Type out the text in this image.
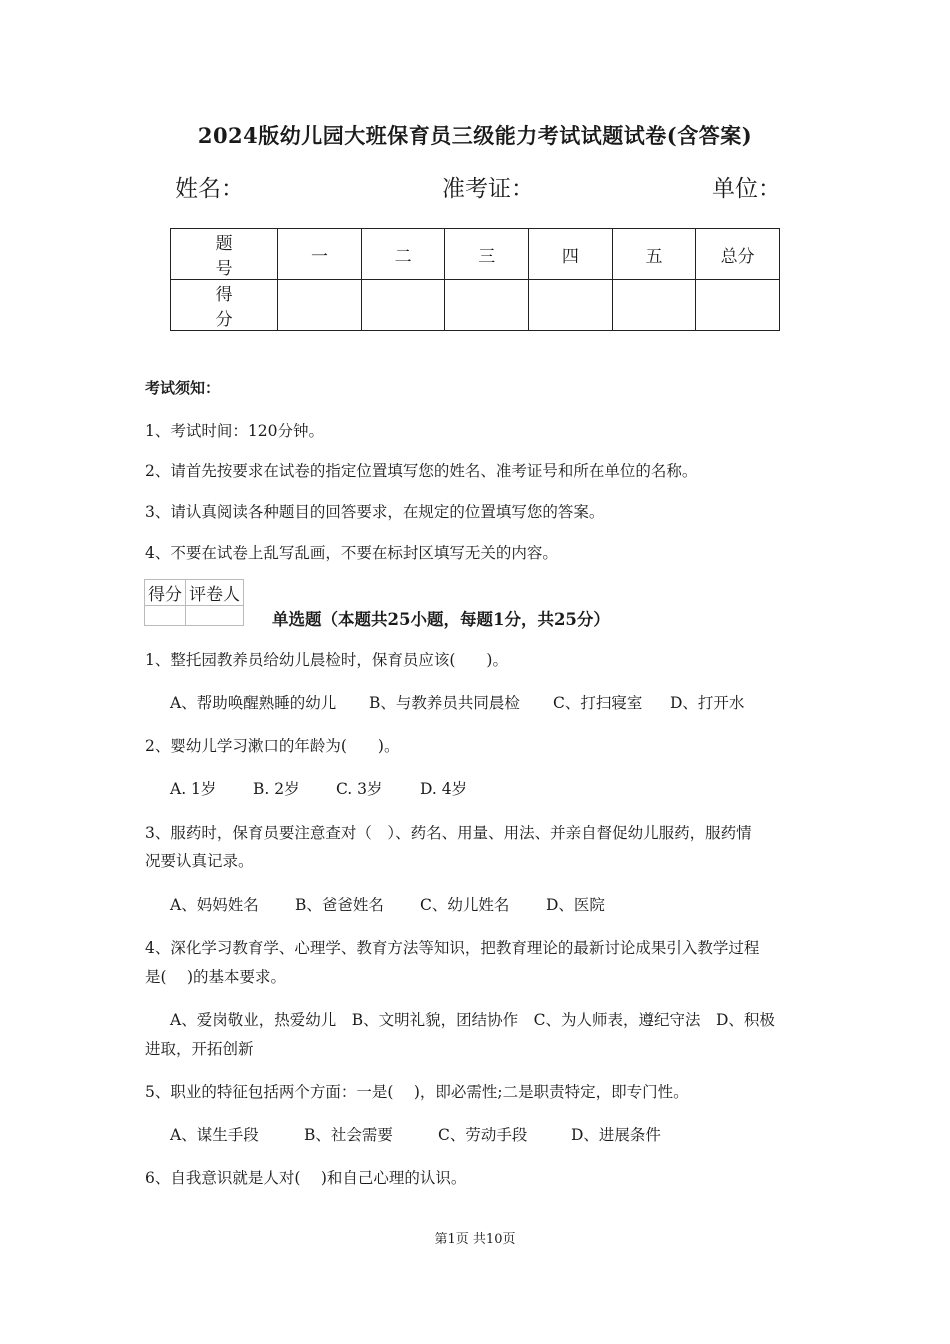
2024版幼儿园大班保育员三级能力考试试题试卷(含答案)
姓名：	准考证：	单位：
题　号	一	二	三	四	五	总分
得　分						
考试须知：
1、考试时间：120分钟。
2、请首先按要求在试卷的指定位置填写您的姓名、准考证号和所在单位的名称。
3、请认真阅读各种题目的回答要求，在规定的位置填写您的答案。
4、不要在试卷上乱写乱画，不要在标封区填写无关的内容。
得分	评卷人

单选题（本题共25小题，每题1分，共25分）
1、整托园教养员给幼儿晨检时，保育员应该(　　)。
A、帮助唤醒熟睡的幼儿 B、与教养员共同晨检 C、打扫寝室 D、打开水
2、婴幼儿学习漱口的年龄为(　　)。
A. 1岁 B. 2岁 C. 3岁 D. 4岁
3、服药时，保育员要注意查对（　）、药名、用量、用法、并亲自督促幼儿服药，服药情
况要认真记录。
A、妈妈姓名 B、爸爸姓名 C、幼儿姓名 D、医院
4、深化学习教育学、心理学、教育方法等知识，把教育理论的最新讨论成果引入教学过程
是(　 )的基本要求。
A、爱岗敬业，热爱幼儿　B、文明礼貌，团结协作　C、为人师表，遵纪守法　D、积极
进取，开拓创新
5、职业的特征包括两个方面：一是(　 )，即必需性;二是职责特定，即专门性。
A、谋生手段	B、社会需要	C、劳动手段	D、进展条件
6、自我意识就是人对(　 )和自己心理的认识。
第1页 共10页
